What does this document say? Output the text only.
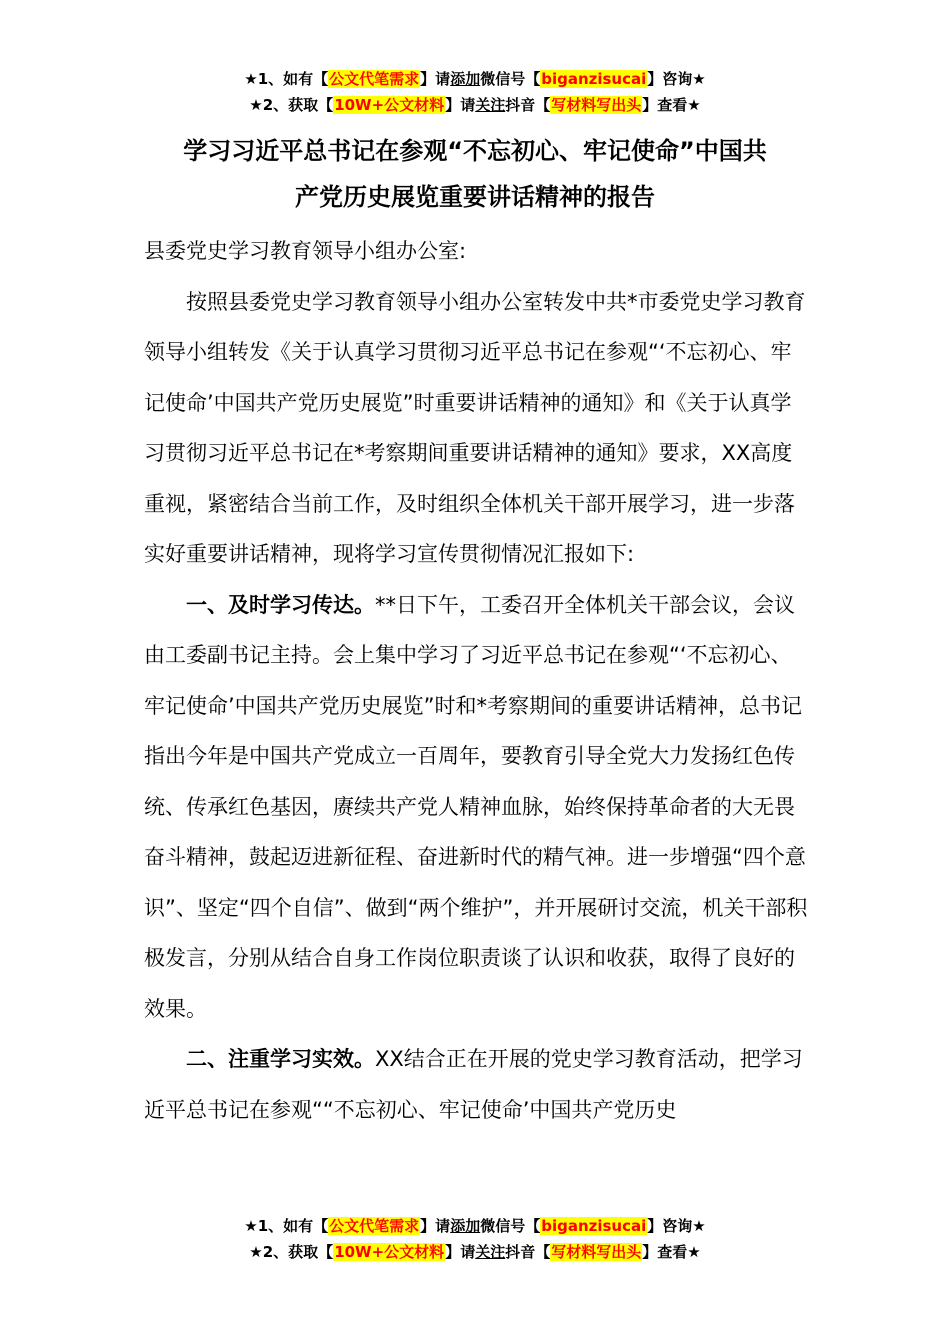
★1、如有【公文代笔需求】请添加微信号【biganzisucai】咨询★
★2、获取【10W+公文材料】请关注抖音【写材料写出头】查看★
学习习近平总书记在参观“不忘初心、牢记使命”中国共
产党历史展览重要讲话精神的报告

县委党史学习教育领导小组办公室:

按照县委党史学习教育领导小组办公室转发中共*市委党史学习教育领导小组转发《关于认真学习贯彻习近平总书记在参观“‘不忘初心、牢记使命’中国共产党历史展览”时重要讲话精神的通知》和《关于认真学习贯彻习近平总书记在*考察期间重要讲话精神的通知》要求，XX高度重视，紧密结合当前工作，及时组织全体机关干部开展学习，进一步落实好重要讲话精神，现将学习宣传贯彻情况汇报如下:

一、及时学习传达。**日下午，工委召开全体机关干部会议，会议由工委副书记主持。会上集中学习了习近平总书记在参观“‘不忘初心、牢记使命’中国共产党历史展览”时和*考察期间的重要讲话精神，总书记指出今年是中国共产党成立一百周年，要教育引导全党大力发扬红色传统、传承红色基因，赓续共产党人精神血脉，始终保持革命者的大无畏奋斗精神，鼓起迈进新征程、奋进新时代的精气神。进一步增强“四个意识”、坚定“四个自信”、做到“两个维护”，并开展研讨交流，机关干部积极发言，分别从结合自身工作岗位职责谈了认识和收获，取得了良好的效果。

二、注重学习实效。XX结合正在开展的党史学习教育活动，把学习近平总书记在参观““不忘初心、牢记使命’中国共产党历史

★1、如有【公文代笔需求】请添加微信号【biganzisucai】咨询★
★2、获取【10W+公文材料】请关注抖音【写材料写出头】查看★
